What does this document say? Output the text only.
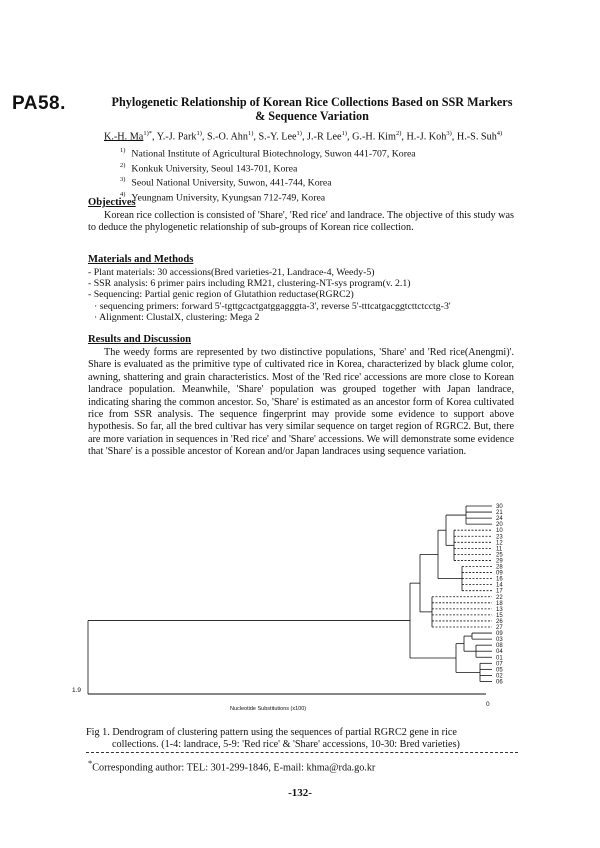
PA58.	Phylogenetic Relationship of Korean Rice Collections Based on SSR Markers
& Sequence Variation
K.-H. $Ma^{1)*}$, Y.-J. Park$^{1)}$, S.-O. Ahn$^{1)}$, S.-Y. Lee$^{1)}$, J.-R Lee$^{1)}$, G.-H. Kim$^{2)}$, H.-J. Koh$^{3)}$, H.-S. Suh$^{4)}$
$^{1)}$ National Institute of Agricultural Biotechnology, Suwon 441-707, Korea
$^{2)}$ Konkuk University, Seoul 143-701, Korea
$^{3)}$ Seoul National University, Suwon, 441-744, Korea
$^{4)}$ Yeungnam University, Kyungsan 712-749, Korea
Objectives
Korean rice collection is consisted of 'Share', 'Red rice' and landrace. The objective of this study was to deduce the phylogenetic relationship of sub-groups of Korean rice collection.
Materials and Methods
- Plant materials: 30 accessions(Bred varieties-21, Landrace-4, Weedy-5)
- SSR analysis: 6 primer pairs including RM21, clustering-NT-sys program(v. 2.1)
- Sequencing: Partial genic region of Glutathion reductase(RGRC2)
· sequencing primers: forward 5'-tgttgcactgatggagggta-3', reverse 5'-tttcatgacggtcttctcctg-3'
· Alignment: ClustalX, clustering: Mega 2
Results and Discussion
The weedy forms are represented by two distinctive populations, 'Share' and 'Red rice(Anengmi)'. Share is evaluated as the primitive type of cultivated rice in Korea, characterized by black glume color, awning, shattering and grain characteristics. Most of the 'Red rice' accessions are more close to Korean landrace population. Meanwhile, 'Share' population was grouped together with Japan landrace, indicating sharing the common ancestor. So, 'Share' is estimated as an ancestor form of Korea cultivated rice from SSR analysis. The sequence fingerprint may provide some evidence to support above hypothesis. So far, all the bred cultivar has very similar sequence on target region of RGRC2. But, there are more variation in sequences in 'Red rice' and 'Share' accessions. We will demonstrate some evidence that 'Share' is a possible ancestor of Korean and/or Japan landraces using sequence variation.
30
21
24
20
10
23
12
11
25
29
28
09
16
14
17
22
18
13
15
26
27
09
03
08
04
01
07
05
02
06
1.9
0
Nucleotide Substitutions (x100)
Fig 1. Dendrogram of clustering pattern using the sequences of partial RGRC2 gene in rice
collections. (1-4: landrace, 5-9: 'Red rice' & 'Share' accessions, 10-30: Bred varieties)
*Corresponding author: TEL: 301-299-1846, E-mail: khma@rda.go.kr
-132-
